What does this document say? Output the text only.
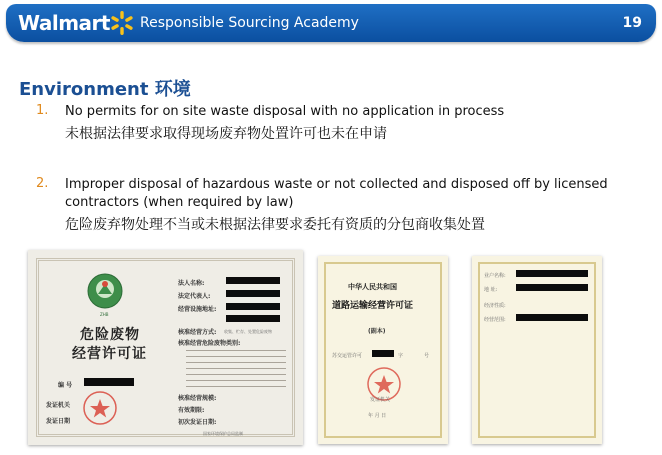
Walmart Responsible Sourcing Academy	19
Environment 环境
1. No permits for on site waste disposal with no application in process
未根据法律要求取得现场废弃物处置许可也未在申请
2. Improper disposal of hazardous waste or not collected and disposed off by licensed
contractors (when required by law)
危险废弃物处理不当或未根据法律要求委托有资质的分包商收集处置
ZHB
危险废物
经营许可证
编 号
发证机关
发证日期
法人名称:
法定代表人:
经营设施地址:
核准经营方式: 收集、贮存、处置危险废物
核准经营危险废物类别:
核准经营规模:
有效期限:
初次发证日期:
国家环境保护总局监制
中华人民共和国
道路运输经营许可证
(副本)
苏交运管许可	字	号
发证机关
年 月 日
业户名称:
地 址:
经济性质:
经营范围:
